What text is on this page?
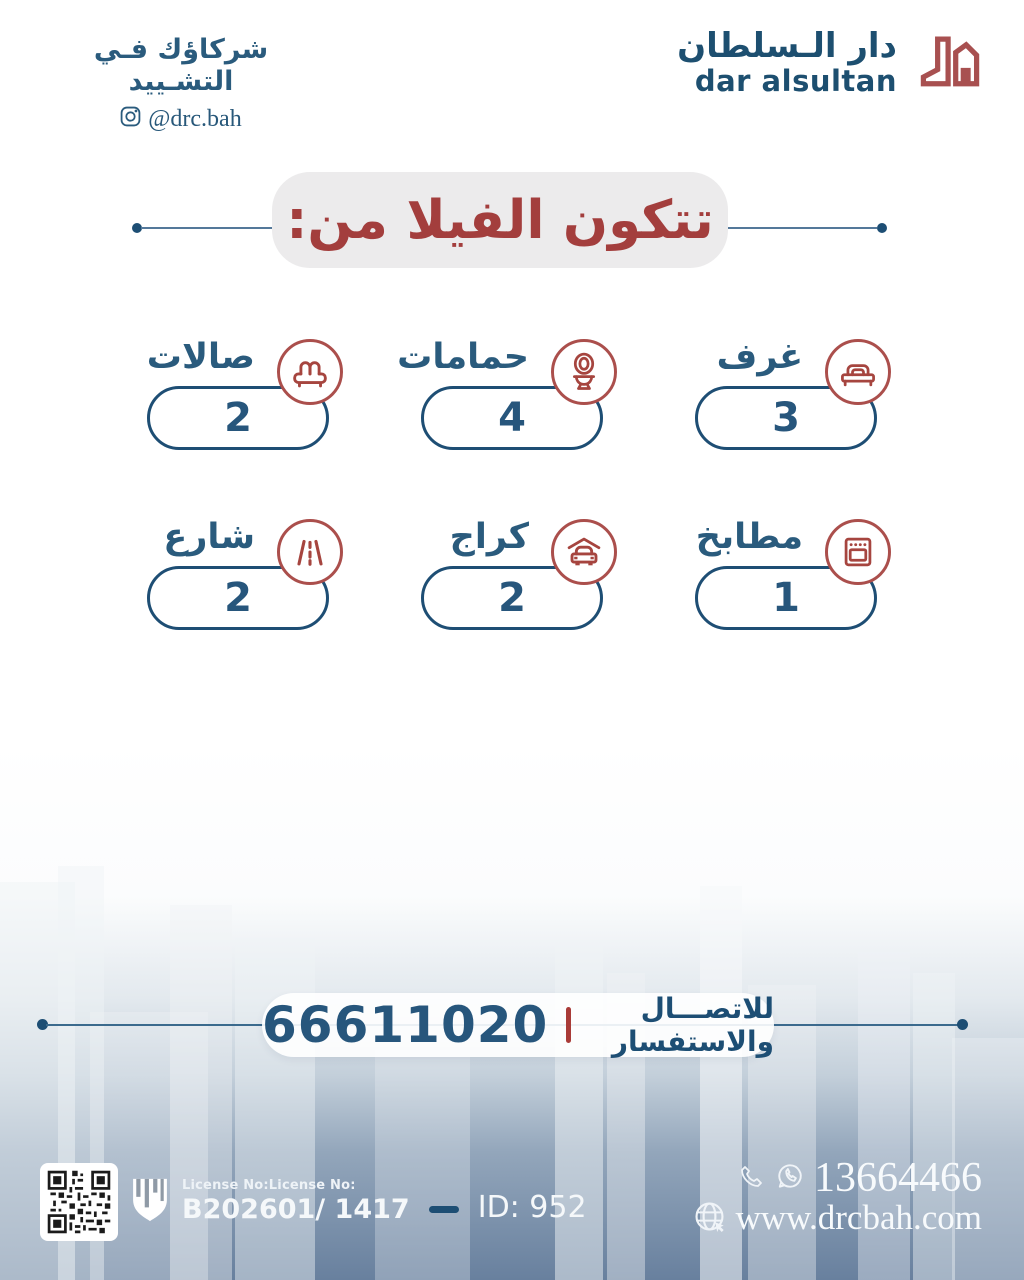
شركاؤك فـي التشـييد
@drc.bah
دار الـسلطان
dar alsultan
تتكون الفيلا من:
غرف
3
حمامات
4
صالات
2
مطابخ
1
كراج
2
شارع
2
للاتصـــال والاستفسار
66611020
License No:License No:
B202601/ 1417 ID: 952
13664466
www.drcbah.com
